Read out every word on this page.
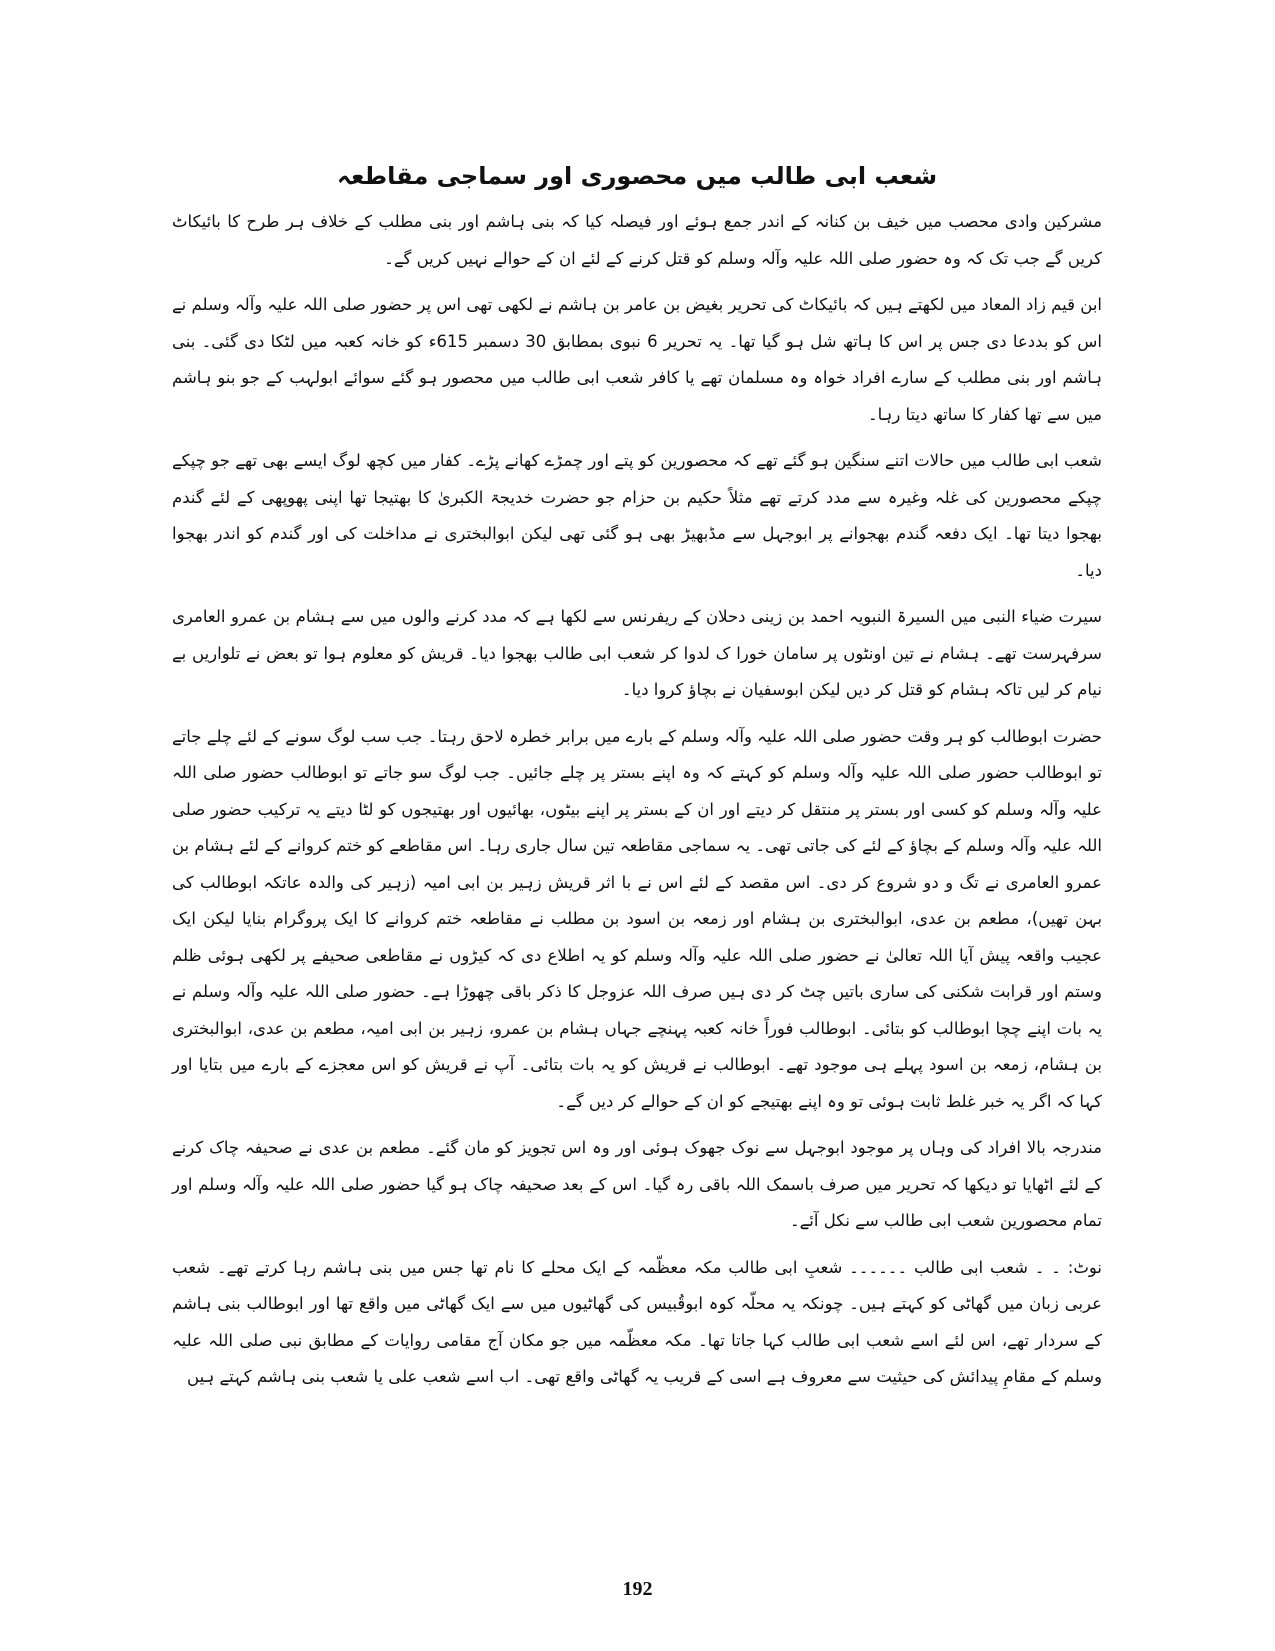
شعب ابی طالب میں محصوری اور سماجی مقاطعہ

مشرکین وادی محصب میں خیف بن کنانہ کے اندر جمع ہوئے اور فیصلہ کیا کہ بنی ہاشم اور بنی مطلب کے خلاف ہر طرح کا بائیکاٹ کریں گے جب تک کہ وہ حضور صلی اللہ علیہ وآلہ وسلم کو قتل کرنے کے لئے ان کے حوالے نہیں کریں گے۔

ابن قیم زاد المعاد میں لکھتے ہیں کہ بائیکاٹ کی تحریر بغیض بن عامر بن ہاشم نے لکھی تھی اس پر حضور صلی اللہ علیہ وآلہ وسلم نے اس کو بددعا دی جس پر اس کا ہاتھ شل ہو گیا تھا۔ یہ تحریر 6 نبوی بمطابق 30 دسمبر 615ء کو خانہ کعبہ میں لٹکا دی گئی۔ بنی ہاشم اور بنی مطلب کے سارے افراد خواہ وہ مسلمان تھے یا کافر شعب ابی طالب میں محصور ہو گئے سوائے ابولہب کے جو بنو ہاشم میں سے تھا کفار کا ساتھ دیتا رہا۔

شعب ابی طالب میں حالات اتنے سنگین ہو گئے تھے کہ محصورین کو پتے اور چمڑے کھانے پڑے۔ کفار میں کچھ لوگ ایسے بھی تھے جو چپکے چپکے محصورین کی غلہ وغیرہ سے مدد کرتے تھے مثلاً حکیم بن حزام جو حضرت خدیجۃ الکبریٰ کا بھتیجا تھا اپنی پھوپھی کے لئے گندم بھجوا دیتا تھا۔ ایک دفعہ گندم بھجوانے پر ابوجہل سے مڈبھیڑ بھی ہو گئی تھی لیکن ابوالبختری نے مداخلت کی اور گندم کو اندر بھجوا دیا۔

سیرت ضیاء النبی میں السیرۃ النبویہ احمد بن زینی دحلان کے ریفرنس سے لکھا ہے کہ مدد کرنے والوں میں سے ہشام بن عمرو العامری سرفہرست تھے۔ ہشام نے تین اونٹوں پر سامان خورا ک لدوا کر شعب ابی طالب بھجوا دیا۔ قریش کو معلوم ہوا تو بعض نے تلواریں بے نیام کر لیں تاکہ ہشام کو قتل کر دیں لیکن ابوسفیان نے بچاؤ کروا دیا۔

حضرت ابوطالب کو ہر وقت حضور صلی اللہ علیہ وآلہ وسلم کے بارے میں برابر خطرہ لاحق رہتا۔ جب سب لوگ سونے کے لئے چلے جاتے تو ابوطالب حضور صلی اللہ علیہ وآلہ وسلم کو کہتے کہ وہ اپنے بستر پر چلے جائیں۔ جب لوگ سو جاتے تو ابوطالب حضور صلی اللہ علیہ وآلہ وسلم کو کسی اور بستر پر منتقل کر دیتے اور ان کے بستر پر اپنے بیٹوں، بھائیوں اور بھتیجوں کو لٹا دیتے یہ ترکیب حضور صلی اللہ علیہ وآلہ وسلم کے بچاؤ کے لئے کی جاتی تھی۔ یہ سماجی مقاطعہ تین سال جاری رہا۔ اس مقاطعے کو ختم کروانے کے لئے ہشام بن عمرو العامری نے تگ و دو شروع کر دی۔ اس مقصد کے لئے اس نے با اثر قریش زہیر بن ابی امیہ (زہیر کی والدہ عاتکہ ابوطالب کی بہن تھیں)، مطعم بن عدی، ابوالبختری بن ہشام اور زمعہ بن اسود بن مطلب نے مقاطعہ ختم کروانے کا ایک پروگرام بنایا لیکن ایک عجیب واقعہ پیش آیا اللہ تعالیٰ نے حضور صلی اللہ علیہ وآلہ وسلم کو یہ اطلاع دی کہ کیڑوں نے مقاطعی صحیفے پر لکھی ہوئی ظلم وستم اور قرابت شکنی کی ساری باتیں چٹ کر دی ہیں صرف اللہ عزوجل کا ذکر باقی چھوڑا ہے۔ حضور صلی اللہ علیہ وآلہ وسلم نے یہ بات اپنے چچا ابوطالب کو بتائی۔ ابوطالب فوراً خانہ کعبہ پہنچے جہاں ہشام بن عمرو، زہیر بن ابی امیہ، مطعم بن عدی، ابوالبختری بن ہشام، زمعہ بن اسود پہلے ہی موجود تھے۔ ابوطالب نے قریش کو یہ بات بتائی۔ آپ نے قریش کو اس معجزے کے بارے میں بتایا اور کہا کہ اگر یہ خبر غلط ثابت ہوئی تو وہ اپنے بھتیجے کو ان کے حوالے کر دیں گے۔

مندرجہ بالا افراد کی وہاں پر موجود ابوجہل سے نوک جھوک ہوئی اور وہ اس تجویز کو مان گئے۔ مطعم بن عدی نے صحیفہ چاک کرنے کے لئے اٹھایا تو دیکھا کہ تحریر میں صرف باسمک اللہ باقی رہ گیا۔ اس کے بعد صحیفہ چاک ہو گیا حضور صلی اللہ علیہ وآلہ وسلم اور تمام محصورین شعب ابی طالب سے نکل آئے۔

نوٹ: ۔ ۔ شعب ابی طالب ۔۔۔۔۔۔ شعبِ ابی طالب مکہ معظّمہ کے ایک محلے کا نام تھا جس میں بنی ہاشم رہا کرتے تھے۔ شعب عربی زبان میں گھاٹی کو کہتے ہیں۔ چونکہ یہ محلّہ کوہ ابوقُبیس کی گھاٹیوں میں سے ایک گھاٹی میں واقع تھا اور ابوطالب بنی ہاشم کے سردار تھے، اس لئے اسے شعب ابی طالب کہا جاتا تھا۔ مکہ معظّمہ میں جو مکان آج مقامی روایات کے مطابق نبی صلی اللہ علیہ وسلم کے مقامِ پیدائش کی حیثیت سے معروف ہے اسی کے قریب یہ گھاٹی واقع تھی۔ اب اسے شعب علی یا شعب بنی ہاشم کہتے ہیں

192
